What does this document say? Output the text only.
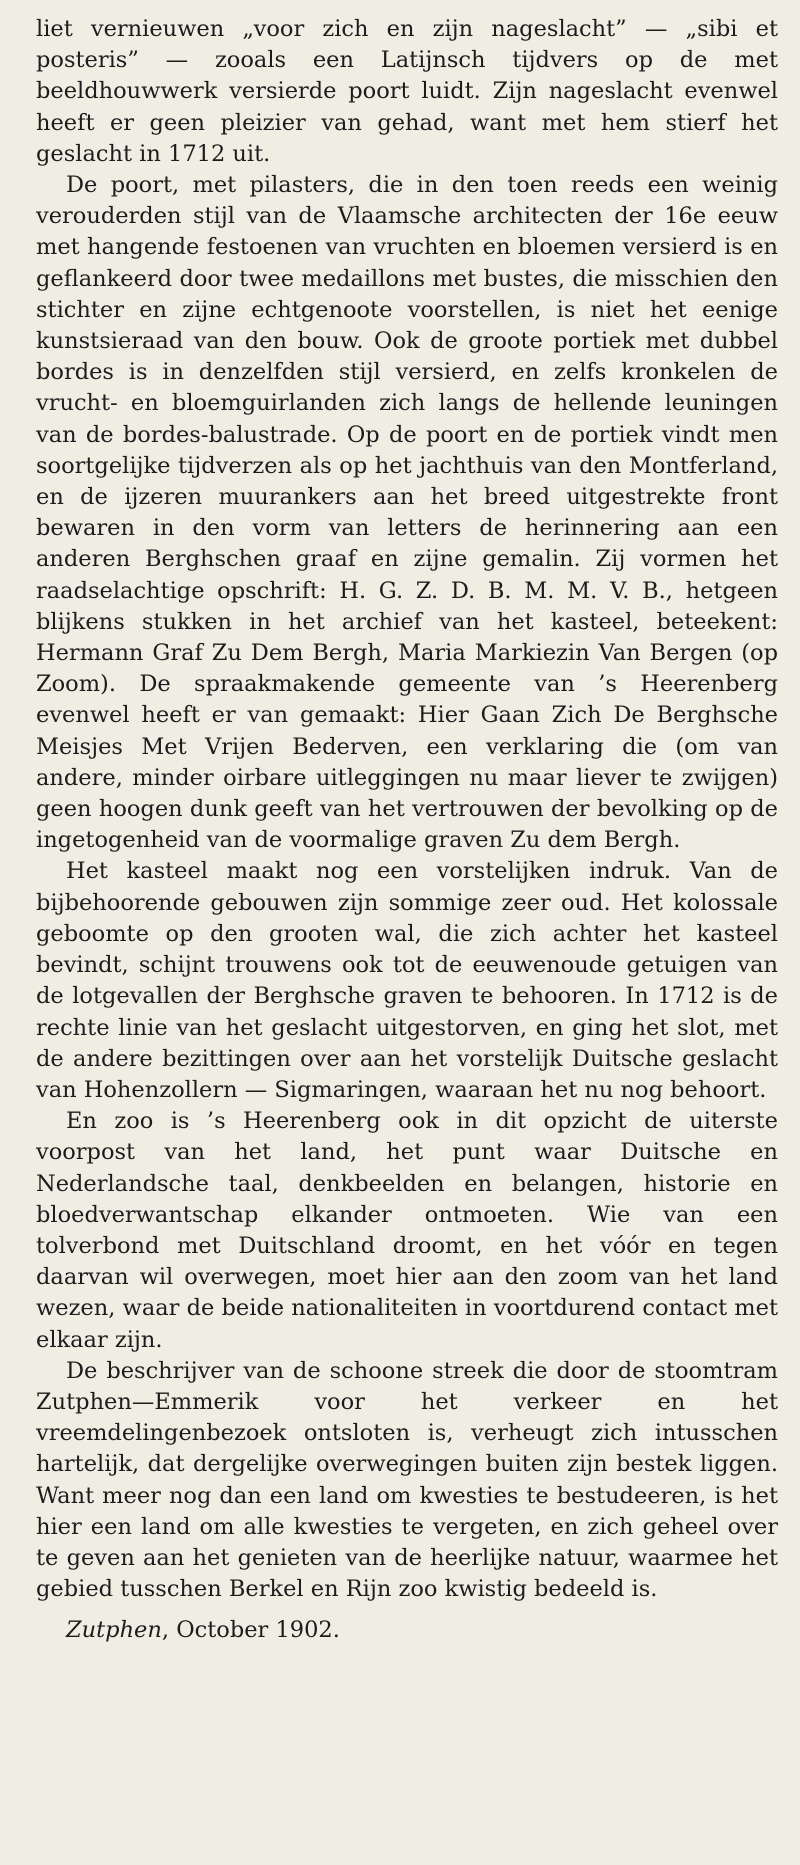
liet vernieuwen „voor zich en zijn nageslacht” — „sibi et posteris” — zooals een Latijnsch tijdvers op de met beeldhouwwerk versierde poort luidt. Zijn nageslacht evenwel heeft er geen pleizier van gehad, want met hem stierf het geslacht in 1712 uit.

De poort, met pilasters, die in den toen reeds een weinig verouderden stijl van de Vlaamsche architecten der 16e eeuw met hangende festoenen van vruchten en bloemen versierd is en geflankeerd door twee medaillons met bustes, die misschien den stichter en zijne echtgenoote voorstellen, is niet het eenige kunstsieraad van den bouw. Ook de groote portiek met dubbel bordes is in denzelfden stijl versierd, en zelfs kronkelen de vrucht- en bloemguirlanden zich langs de hellende leuningen van de bordes-balustrade. Op de poort en de portiek vindt men soortgelijke tijdverzen als op het jachthuis van den Montferland, en de ijzeren muurankers aan het breed uitgestrekte front bewaren in den vorm van letters de herinnering aan een anderen Berghschen graaf en zijne gemalin. Zij vormen het raadselachtige opschrift: H. G. Z. D. B. M. M. V. B., hetgeen blijkens stukken in het archief van het kasteel, beteekent: Hermann Graf Zu Dem Bergh, Maria Markiezin Van Bergen (op Zoom). De spraakmakende gemeente van ’s Heerenberg evenwel heeft er van gemaakt: Hier Gaan Zich De Berghsche Meisjes Met Vrijen Bederven, een verklaring die (om van andere, minder oirbare uitleggingen nu maar liever te zwijgen) geen hoogen dunk geeft van het vertrouwen der bevolking op de ingetogenheid van de voormalige graven Zu dem Bergh.

Het kasteel maakt nog een vorstelijken indruk. Van de bijbehoorende gebouwen zijn sommige zeer oud. Het kolossale geboomte op den grooten wal, die zich achter het kasteel bevindt, schijnt trouwens ook tot de eeuwenoude getuigen van de lotgevallen der Berghsche graven te behooren. In 1712 is de rechte linie van het geslacht uitgestorven, en ging het slot, met de andere bezittingen over aan het vorstelijk Duitsche geslacht van Hohenzollern — Sigmaringen, waaraan het nu nog behoort.

En zoo is ’s Heerenberg ook in dit opzicht de uiterste voorpost van het land, het punt waar Duitsche en Nederlandsche taal, denkbeelden en belangen, historie en bloedverwantschap elkander ontmoeten. Wie van een tolverbond met Duitschland droomt, en het vóór en tegen daarvan wil overwegen, moet hier aan den zoom van het land wezen, waar de beide nationaliteiten in voortdurend contact met elkaar zijn.

De beschrijver van de schoone streek die door de stoomtram Zutphen—Emmerik voor het verkeer en het vreemdelingenbezoek ontsloten is, verheugt zich intusschen hartelijk, dat dergelijke overwegingen buiten zijn bestek liggen. Want meer nog dan een land om kwesties te bestudeeren, is het hier een land om alle kwesties te vergeten, en zich geheel over te geven aan het genieten van de heerlijke natuur, waarmee het gebied tusschen Berkel en Rijn zoo kwistig bedeeld is.

Zutphen, October 1902.
